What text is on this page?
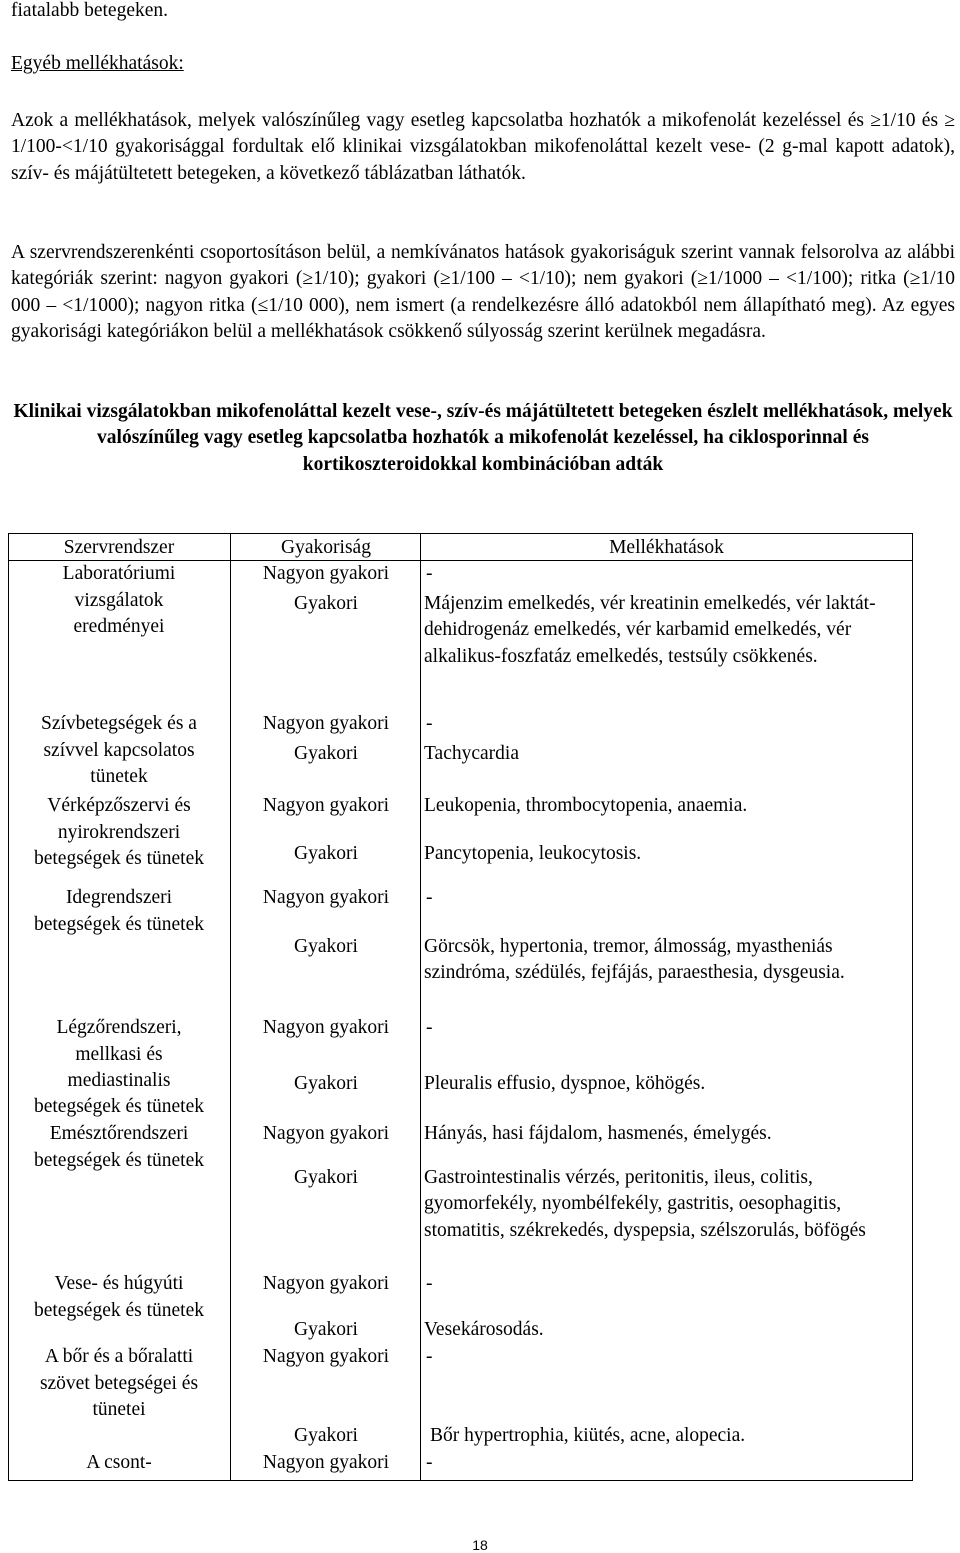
fiatalabb betegeken.

Egyéb mellékhatások:

Azok a mellékhatások, melyek valószínűleg vagy esetleg kapcsolatba hozhatók a mikofenolát kezeléssel és ≥1/10 és ≥ 1/100-<1/10 gyakorisággal fordultak elő klinikai vizsgálatokban mikofenoláttal kezelt vese- (2 g-mal kapott adatok), szív- és májátültetett betegeken, a következő táblázatban láthatók.

A szervrendszerenkénti csoportosításon belül, a nemkívánatos hatások gyakoriságuk szerint vannak felsorolva az alábbi kategóriák szerint: nagyon gyakori (≥1/10); gyakori (≥1/100 – <1/10); nem gyakori (≥1/1000 – <1/100); ritka (≥1/10 000 – <1/1000); nagyon ritka (≤1/10 000), nem ismert (a rendelkezésre álló adatokból nem állapítható meg). Az egyes gyakorisági kategóriákon belül a mellékhatások csökkenő súlyosság szerint kerülnek megadásra.

Klinikai vizsgálatokban mikofenoláttal kezelt vese-, szív-és májátültetett betegeken észlelt mellékhatások, melyek valószínűleg vagy esetleg kapcsolatba hozhatók a mikofenolát kezeléssel, ha ciklosporinnal és kortikoszteroidokkal kombinációban adták

Szervrendszer	Gyakoriság	Mellékhatások
Laboratóriumi
vizsgálatok
eredményei
Nagyon gyakori	-
Gyakori	Májenzim emelkedés, vér kreatinin emelkedés, vér laktát-dehidrogenáz emelkedés, vér karbamid emelkedés, vér alkalikus-foszfatáz emelkedés, testsúly csökkenés.
Szívbetegségek és a
szívvel kapcsolatos
tünetek
Nagyon gyakori	-
Gyakori	Tachycardia
Vérképzőszervi és
nyirokrendszeri
betegségek és tünetek
Nagyon gyakori	Leukopenia, thrombocytopenia, anaemia.
Gyakori	Pancytopenia, leukocytosis.
Idegrendszeri
betegségek és tünetek
Nagyon gyakori	-
Gyakori	Görcsök, hypertonia, tremor, álmosság, myastheniás szindróma, szédülés, fejfájás, paraesthesia, dysgeusia.
Légzőrendszeri,
mellkasi és
mediastinalis
betegségek és tünetek
Nagyon gyakori	-
Gyakori	Pleuralis effusio, dyspnoe, köhögés.
Emésztőrendszeri
betegségek és tünetek
Nagyon gyakori	Hányás, hasi fájdalom, hasmenés, émelygés.
Gyakori	Gastrointestinalis vérzés, peritonitis, ileus, colitis, gyomorfekély, nyombélfekély, gastritis, oesophagitis, stomatitis, székrekedés, dyspepsia, szélszorulás, böfögés
Vese- és húgyúti
betegségek és tünetek
Nagyon gyakori	-
Gyakori	Vesekárosodás.
A bőr és a bőralatti
szövet betegségei és
tünetei
Nagyon gyakori	-
Gyakori	Bőr hypertrophia, kiütés, acne, alopecia.
A csont-	Nagyon gyakori	-
18
